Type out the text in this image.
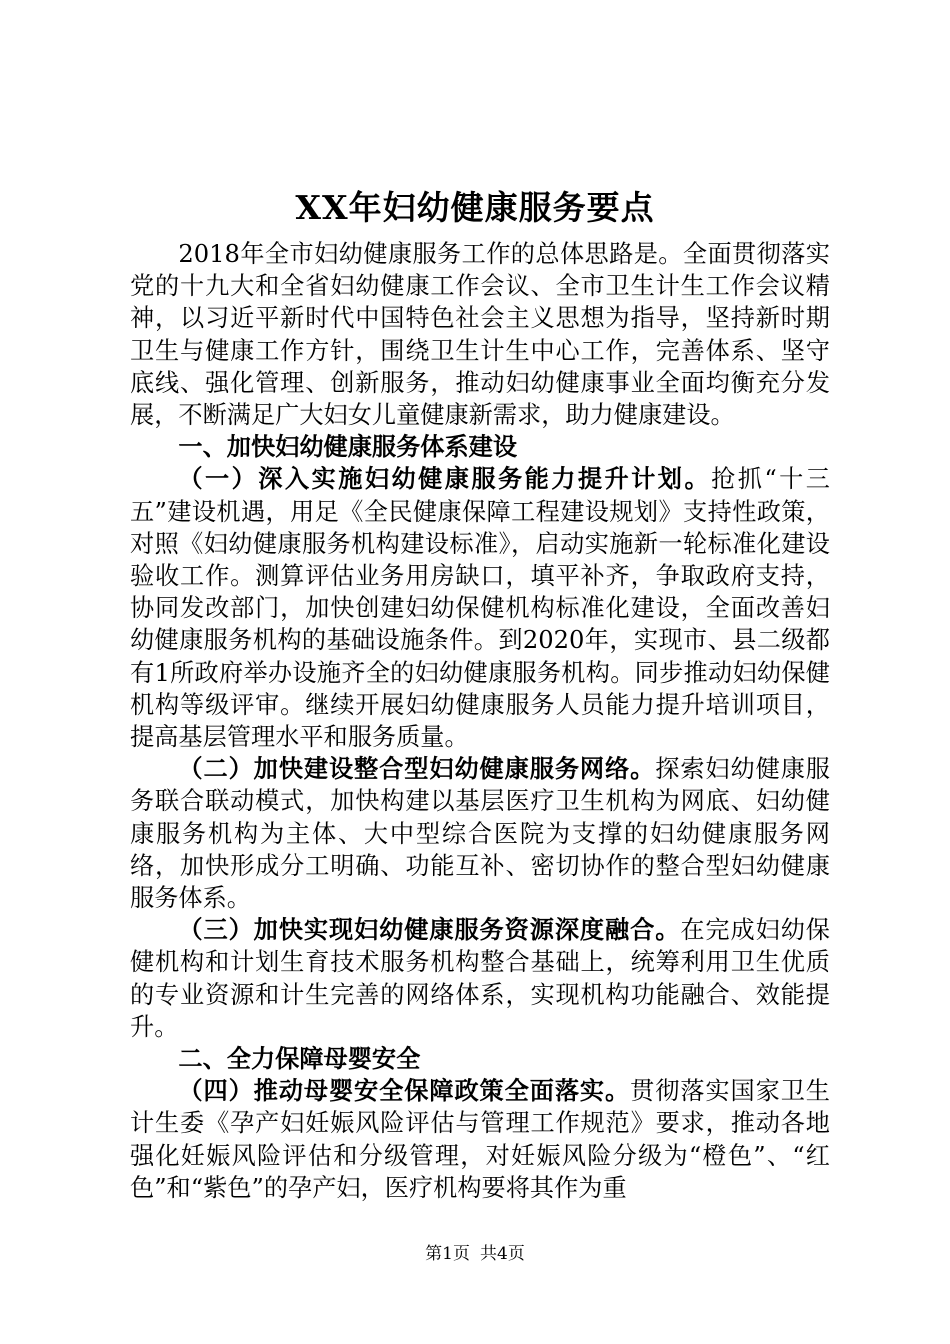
XX年妇幼健康服务要点

2018年全市妇幼健康服务工作的总体思路是。全面贯彻落实党的十九大和全省妇幼健康工作会议、全市卫生计生工作会议精神，以习近平新时代中国特色社会主义思想为指导，坚持新时期卫生与健康工作方针，围绕卫生计生中心工作，完善体系、坚守底线、强化管理、创新服务，推动妇幼健康事业全面均衡充分发展，不断满足广大妇女儿童健康新需求，助力健康建设。

一、加快妇幼健康服务体系建设

（一）深入实施妇幼健康服务能力提升计划。抢抓“十三五”建设机遇，用足《全民健康保障工程建设规划》支持性政策，对照《妇幼健康服务机构建设标准》，启动实施新一轮标准化建设验收工作。测算评估业务用房缺口，填平补齐，争取政府支持，协同发改部门，加快创建妇幼保健机构标准化建设，全面改善妇幼健康服务机构的基础设施条件。到2020年，实现市、县二级都有1所政府举办设施齐全的妇幼健康服务机构。同步推动妇幼保健机构等级评审。继续开展妇幼健康服务人员能力提升培训项目，提高基层管理水平和服务质量。

（二）加快建设整合型妇幼健康服务网络。探索妇幼健康服务联合联动模式，加快构建以基层医疗卫生机构为网底、妇幼健康服务机构为主体、大中型综合医院为支撑的妇幼健康服务网络，加快形成分工明确、功能互补、密切协作的整合型妇幼健康服务体系。

（三）加快实现妇幼健康服务资源深度融合。在完成妇幼保健机构和计划生育技术服务机构整合基础上，统筹利用卫生优质的专业资源和计生完善的网络体系，实现机构功能融合、效能提升。

二、全力保障母婴安全

（四）推动母婴安全保障政策全面落实。贯彻落实国家卫生计生委《孕产妇妊娠风险评估与管理工作规范》要求，推动各地强化妊娠风险评估和分级管理，对妊娠风险分级为“橙色”、“红色”和“紫色”的孕产妇，医疗机构要将其作为重

第1页 共4页
